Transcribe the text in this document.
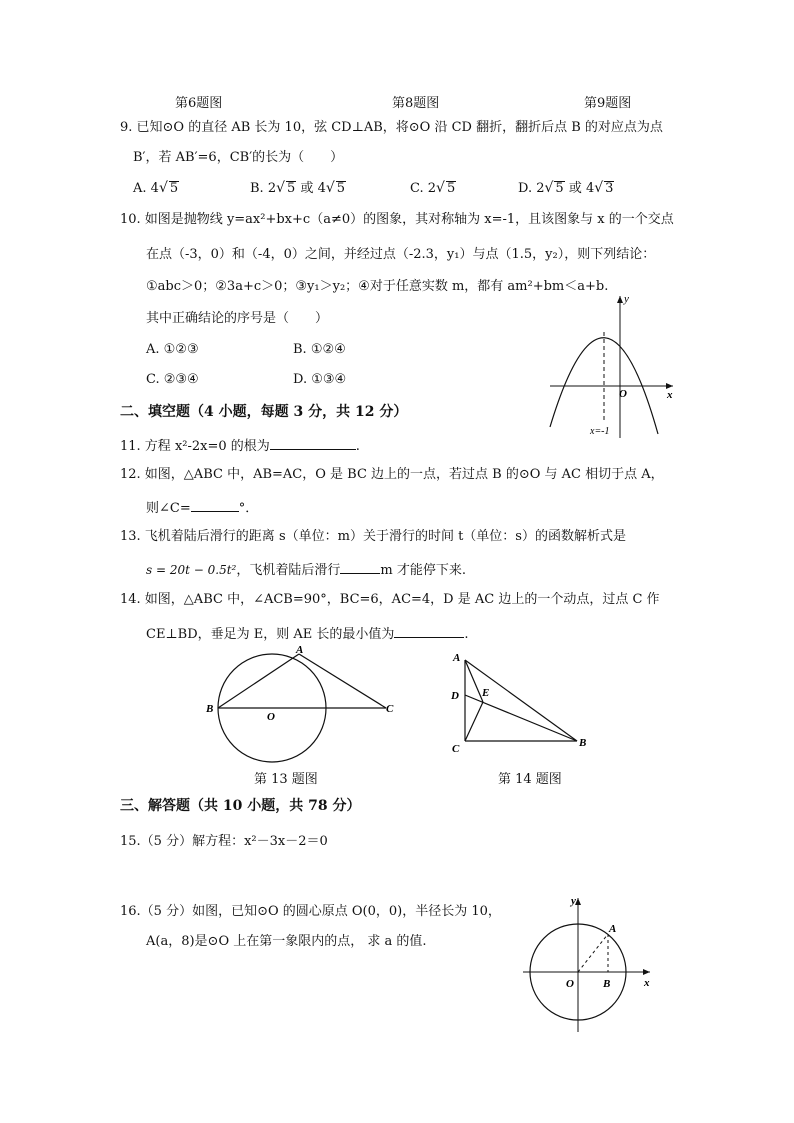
第6题图	第8题图	第9题图
9. 已知⊙O 的直径 AB 长为 10，弦 CD⊥AB，将⊙O 沿 CD 翻折，翻折后点 B 的对应点为点
B′，若 AB′=6，CB′的长为（　　）
A. 4√ 5	B. 2√ 5 或 4√ 5	C. 2√ 5	D. 2√ 5 或 4√ 3
10. 如图是抛物线 y=ax²+bx+c（a≠0）的图象，其对称轴为 x=-1，且该图象与 x 的一个交点
在点（-3，0）和（-4，0）之间，并经过点（-2.3，y₁）与点（1.5，y₂），则下列结论：
①abc＞0；②3a+c＞0；③y₁＞y₂；④对于任意实数 m，都有 am²+bm＜a+b.
其中正确结论的序号是（　　）
A. ①②③	B. ①②④
C. ②③④	D. ①③④
y
x
O
x=-1
二、填空题（4 小题，每题 3 分，共 12 分）
11. 方程 x²-2x=0 的根为	.
12. 如图，△ABC 中，AB=AC，O 是 BC 边上的一点，若过点 B 的⊙O 与 AC 相切于点 A，
则∠C=	°．
13. 飞机着陆后滑行的距离 s（单位：m）关于滑行的时间 t（单位：s）的函数解析式是
s = 20t − 0.5t²，飞机着陆后滑行	m 才能停下来.
14. 如图，△ABC 中，∠ACB=90°，BC=6，AC=4，D 是 AC 边上的一个动点，过点 C 作
CE⊥BD，垂足为 E，则 AE 长的最小值为	.
A
B	C
O
第 13 题图
A
D E
C	B
第 14 题图
三、解答题（共 10 小题，共 78 分）
15.（5 分）解方程：x²－3x－2＝0
16.（5 分）如图，已知⊙O 的圆心原点 O(0，0)，半径长为 10，
A(a，8)是⊙O 上在第一象限内的点， 求 a 的值.
y
x
O
A
B
